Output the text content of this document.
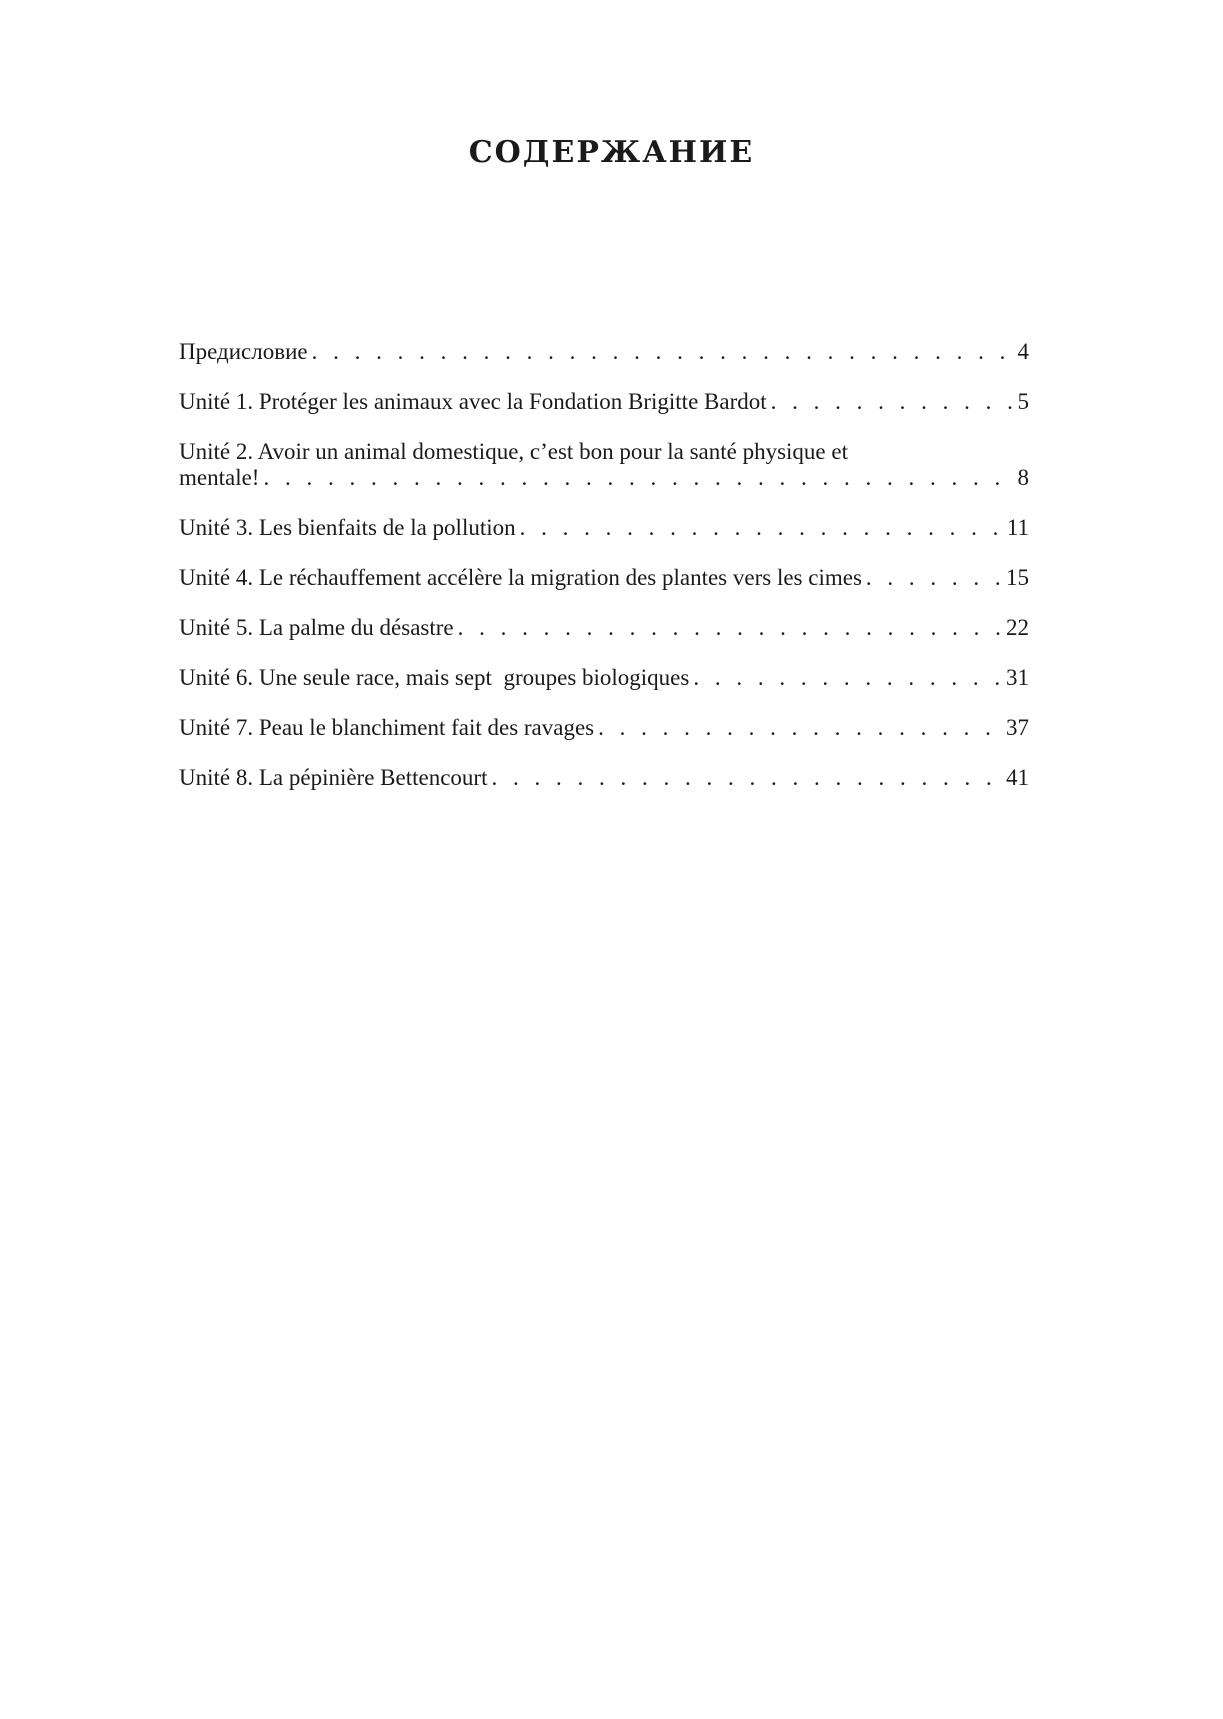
СОДЕРЖАНИЕ
Предисловие . . .	4
Unité 1. Protéger les animaux avec la Fondation Brigitte Bardot . . .	5
Unité 2. Avoir un animal domestique, c’est bon pour la santé physique et
mentale! . . .	8
Unité 3. Les bienfaits de la pollution . . .	11
Unité 4. Le réchauffement accélère la migration des plantes vers les cimes . . .	15
Unité 5. La palme du désastre . . .	22
Unité 6. Une seule race, mais sept  groupes biologiques . . .	31
Unité 7. Peau le blanchiment fait des ravages . . .	37
Unité 8. La pépinière Bettencourt . . .	41
